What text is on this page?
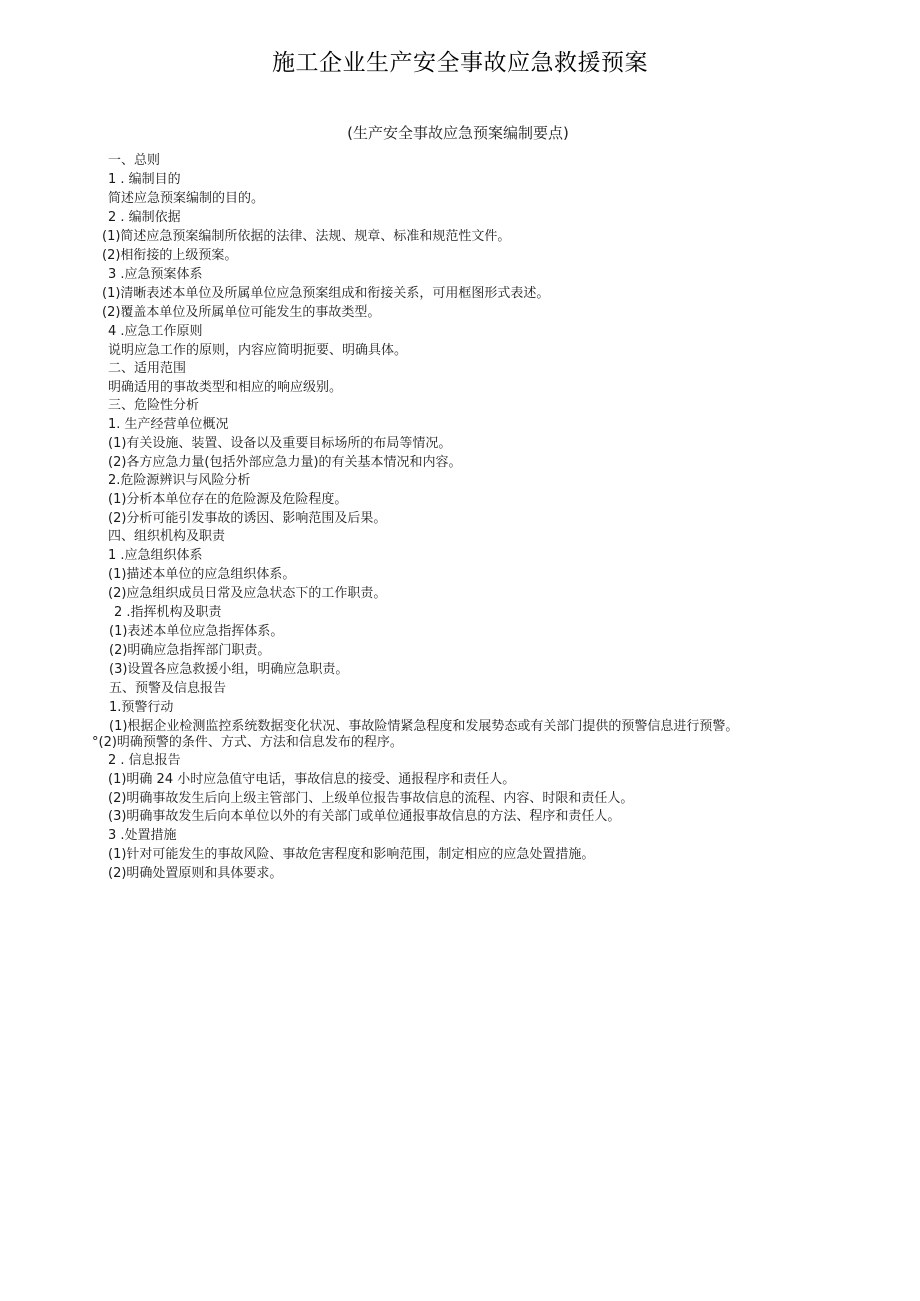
施工企业生产安全事故应急救援预案
(生产安全事故应急预案编制要点)
一、总则
1 . 编制目的
简述应急预案编制的目的。
2 . 编制依据
(1)简述应急预案编制所依据的法律、法规、规章、标准和规范性文件。
(2)相衔接的上级预案。
3 .应急预案体系
(1)清晰表述本单位及所属单位应急预案组成和衔接关系，可用框图形式表述。
(2)覆盖本单位及所属单位可能发生的事故类型。
4 .应急工作原则
说明应急工作的原则，内容应简明扼要、明确具体。
二、适用范围
明确适用的事故类型和相应的响应级别。
三、危险性分析
1. 生产经营单位概况
(1)有关设施、装置、设备以及重要目标场所的布局等情况。
(2)各方应急力量(包括外部应急力量)的有关基本情况和内容。
2.危险源辨识与风险分析
(1)分析本单位存在的危险源及危险程度。
(2)分析可能引发事故的诱因、影响范围及后果。
四、组织机构及职责
1 .应急组织体系
(1)描述本单位的应急组织体系。
(2)应急组织成员日常及应急状态下的工作职责。
2 .指挥机构及职责
(1)表述本单位应急指挥体系。
(2)明确应急指挥部门职责。
(3)设置各应急救援小组，明确应急职责。
五、预警及信息报告
1.预警行动
(1)根据企业检测监控系统数据变化状况、事故险情紧急程度和发展势态或有关部门提供的预警信息进行预警。
°(2)明确预警的条件、方式、方法和信息发布的程序。
2 . 信息报告
(1)明确 24 小时应急值守电话，事故信息的接受、通报程序和责任人。
(2)明确事故发生后向上级主管部门、上级单位报告事故信息的流程、内容、时限和责任人。
(3)明确事故发生后向本单位以外的有关部门或单位通报事故信息的方法、程序和责任人。
3 .处置措施
(1)针对可能发生的事故风险、事故危害程度和影响范围，制定相应的应急处置措施。
(2)明确处置原则和具体要求。
